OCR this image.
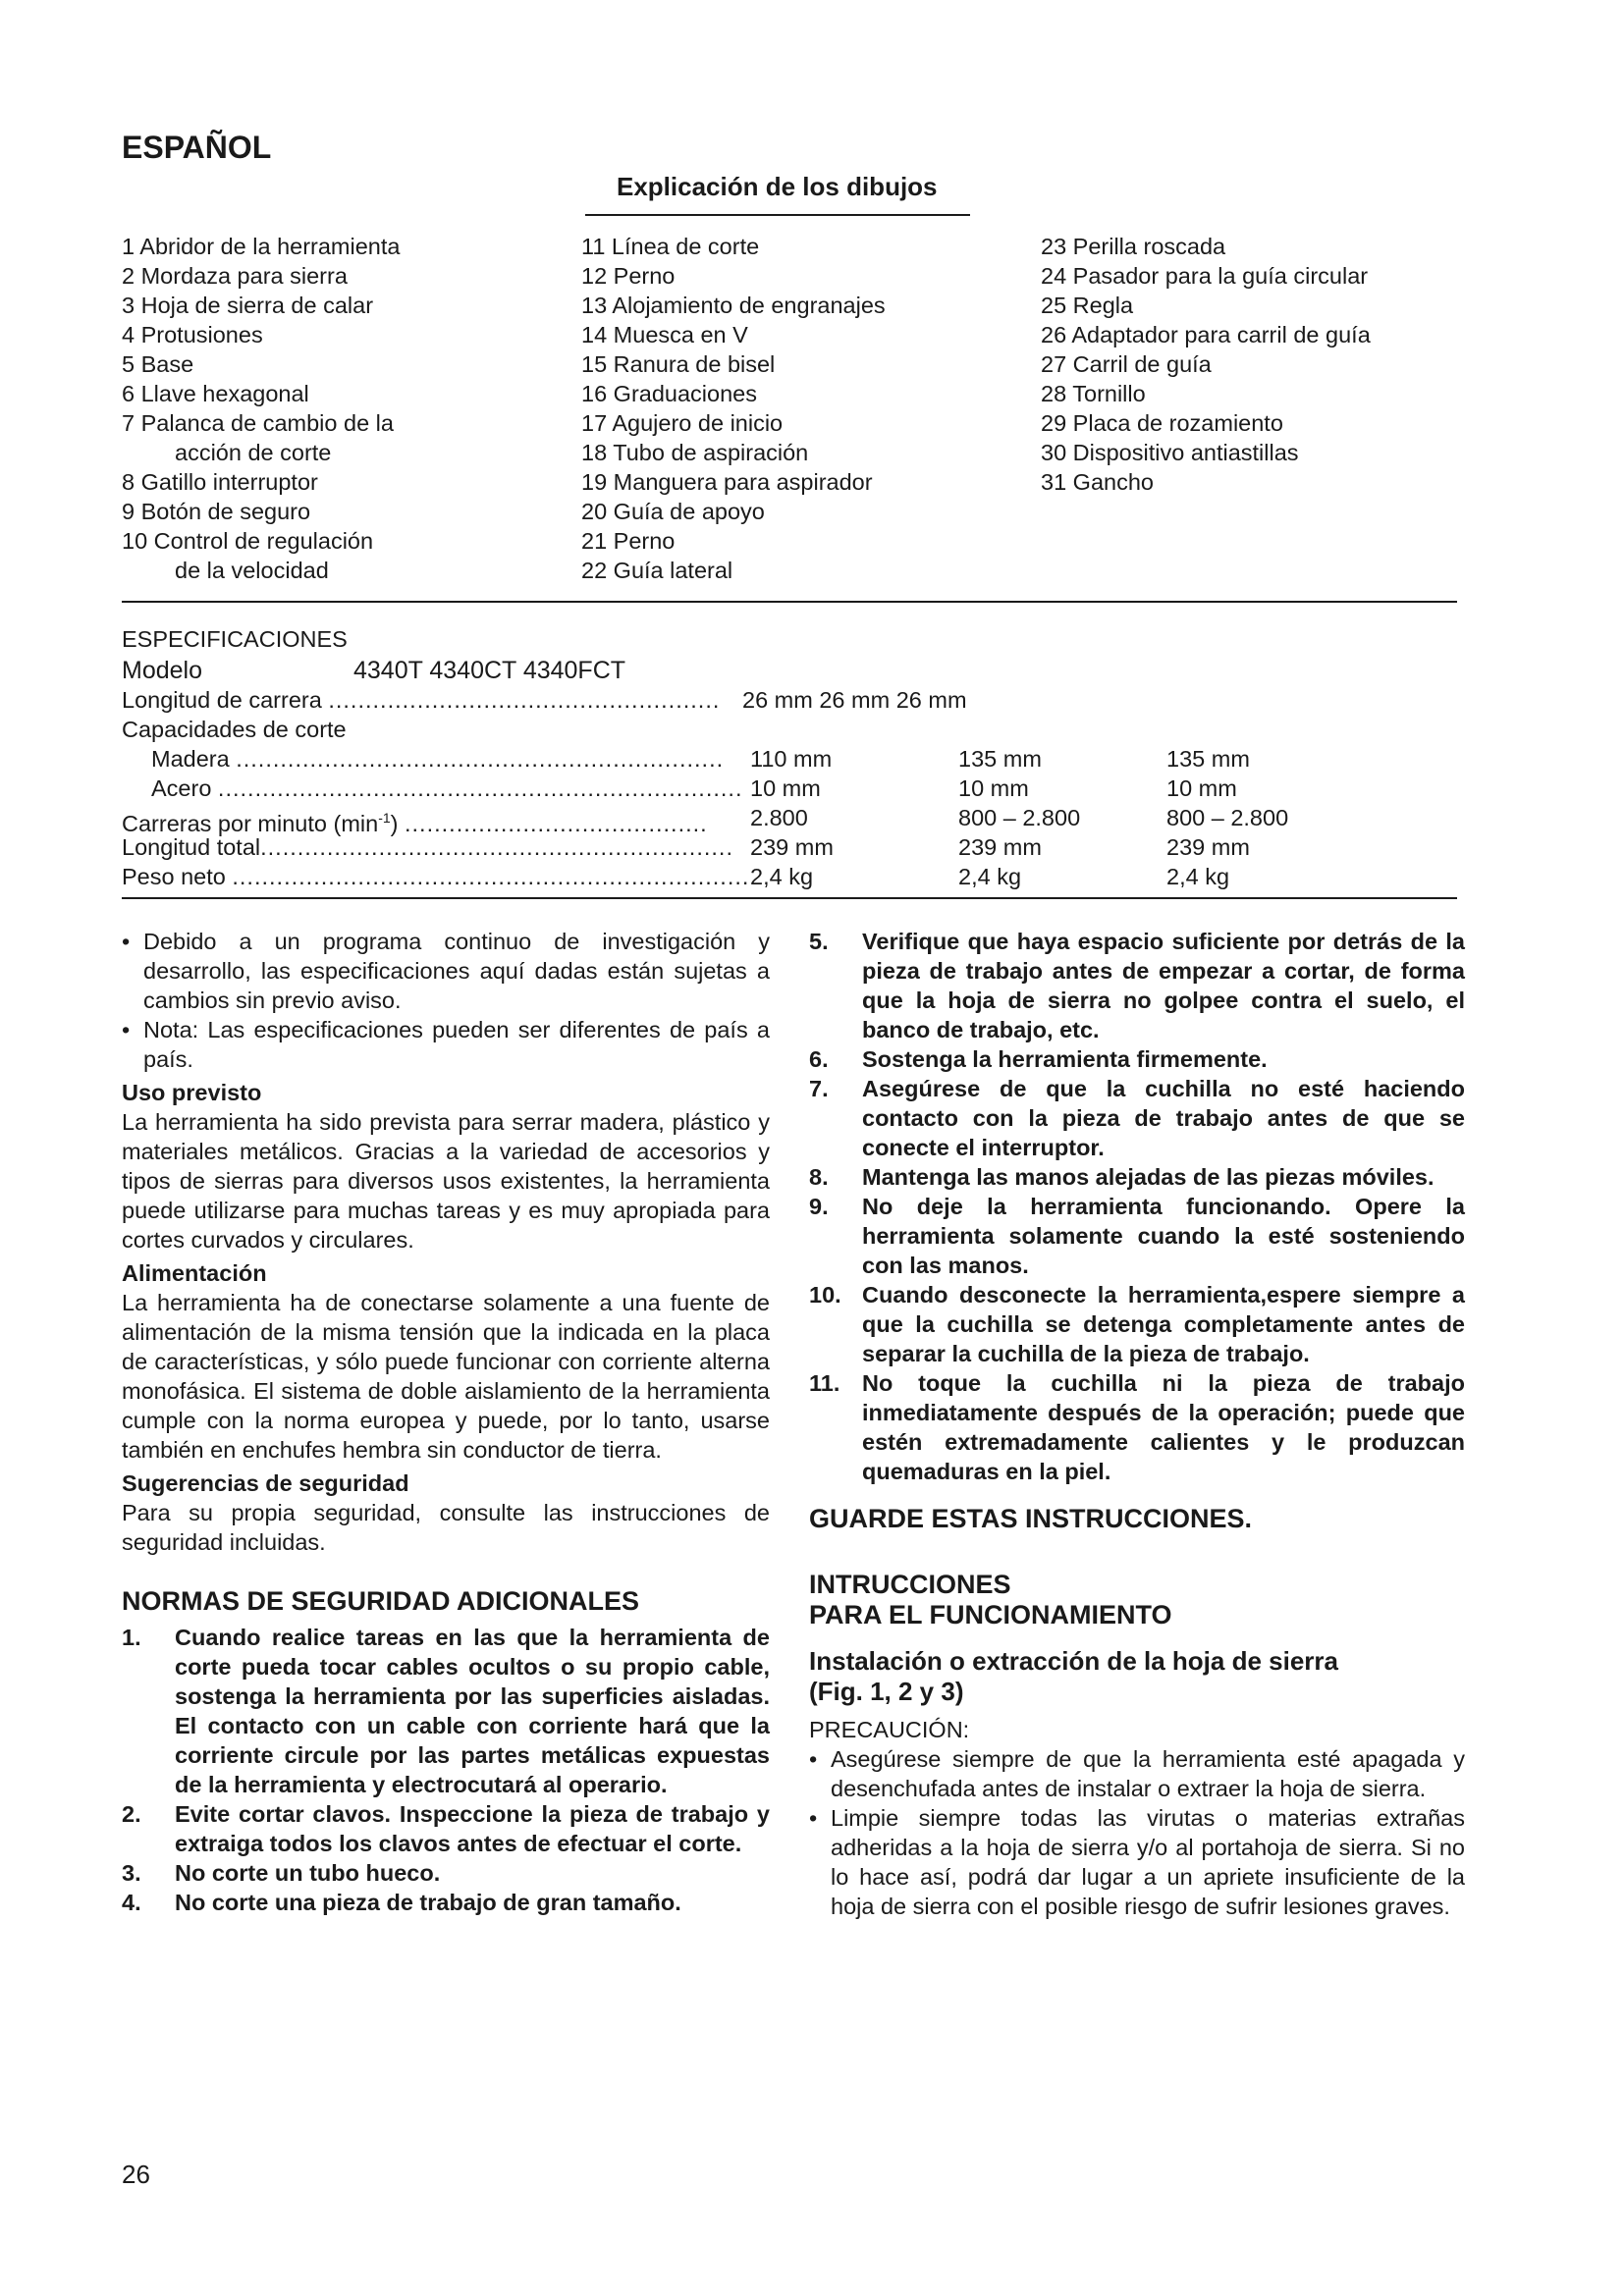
ESPAÑOL
Explicación de los dibujos
1 Abridor de la herramienta
2 Mordaza para sierra
3 Hoja de sierra de calar
4 Protusiones
5 Base
6 Llave hexagonal
7 Palanca de cambio de la
acción de corte
8 Gatillo interruptor
9 Botón de seguro
10 Control de regulación
de la velocidad
11 Línea de corte
12 Perno
13 Alojamiento de engranajes
14 Muesca en V
15 Ranura de bisel
16 Graduaciones
17 Agujero de inicio
18 Tubo de aspiración
19 Manguera para aspirador
20 Guía de apoyo
21 Perno
22 Guía lateral
23 Perilla roscada
24 Pasador para la guía circular
25 Regla
26 Adaptador para carril de guía
27 Carril de guía
28 Tornillo
29 Placa de rozamiento
30 Dispositivo antiastillas
31 Gancho
ESPECIFICACIONES
Modelo	4340T 4340CT 4340FCT
Longitud de carrera ..................................................... 26 mm 26 mm 26 mm
Capacidades de corte
Madera .................................................................. 110 mm	135 mm	135 mm
Acero ....................................................................... 10 mm	10 mm	10 mm
Carreras por minuto $(\min^{-1})$ ......................................... 2.800	800 – 2.800	800 – 2.800
Longitud total................................................................ 239 mm	239 mm	239 mm
Peso neto ...................................................................... 2,4 kg	2,4 kg	2,4 kg
• Debido a un programa continuo de investigación y desarrollo, las especificaciones aquí dadas están sujetas a cambios sin previo aviso.
• Nota: Las especificaciones pueden ser diferentes de país a país.
Uso previsto
La herramienta ha sido prevista para serrar madera, plástico y materiales metálicos. Gracias a la variedad de accesorios y tipos de sierras para diversos usos existentes, la herramienta puede utilizarse para muchas tareas y es muy apropiada para cortes curvados y circulares.
Alimentación
La herramienta ha de conectarse solamente a una fuente de alimentación de la misma tensión que la indicada en la placa de características, y sólo puede funcionar con corriente alterna monofásica. El sistema de doble aislamiento de la herramienta cumple con la norma europea y puede, por lo tanto, usarse también en enchufes hembra sin conductor de tierra.
Sugerencias de seguridad
Para su propia seguridad, consulte las instrucciones de seguridad incluidas.
NORMAS DE SEGURIDAD ADICIONALES
1. Cuando realice tareas en las que la herramienta de corte pueda tocar cables ocultos o su propio cable, sostenga la herramienta por las superficies aisladas. El contacto con un cable con corriente hará que la corriente circule por las partes metálicas expuestas de la herramienta y electrocutará al operario.
2. Evite cortar clavos. Inspeccione la pieza de trabajo y extraiga todos los clavos antes de efectuar el corte.
3. No corte un tubo hueco.
4. No corte una pieza de trabajo de gran tamaño.
5. Verifique que haya espacio suficiente por detrás de la pieza de trabajo antes de empezar a cortar, de forma que la hoja de sierra no golpee contra el suelo, el banco de trabajo, etc.
6. Sostenga la herramienta firmemente.
7. Asegúrese de que la cuchilla no esté haciendo contacto con la pieza de trabajo antes de que se conecte el interruptor.
8. Mantenga las manos alejadas de las piezas móviles.
9. No deje la herramienta funcionando. Opere la herramienta solamente cuando la esté sosteniendo con las manos.
10. Cuando desconecte la herramienta,espere siempre a que la cuchilla se detenga completamente antes de separar la cuchilla de la pieza de trabajo.
11. No toque la cuchilla ni la pieza de trabajo inmediatamente después de la operación; puede que estén extremadamente calientes y le produzcan quemaduras en la piel.
GUARDE ESTAS INSTRUCCIONES.
INTRUCCIONES
PARA EL FUNCIONAMIENTO
Instalación o extracción de la hoja de sierra
(Fig. 1, 2 y 3)
PRECAUCIÓN:
• Asegúrese siempre de que la herramienta esté apagada y desenchufada antes de instalar o extraer la hoja de sierra.
• Limpie siempre todas las virutas o materias extrañas adheridas a la hoja de sierra y/o al portahoja de sierra. Si no lo hace así, podrá dar lugar a un apriete insuficiente de la hoja de sierra con el posible riesgo de sufrir lesiones graves.
26
